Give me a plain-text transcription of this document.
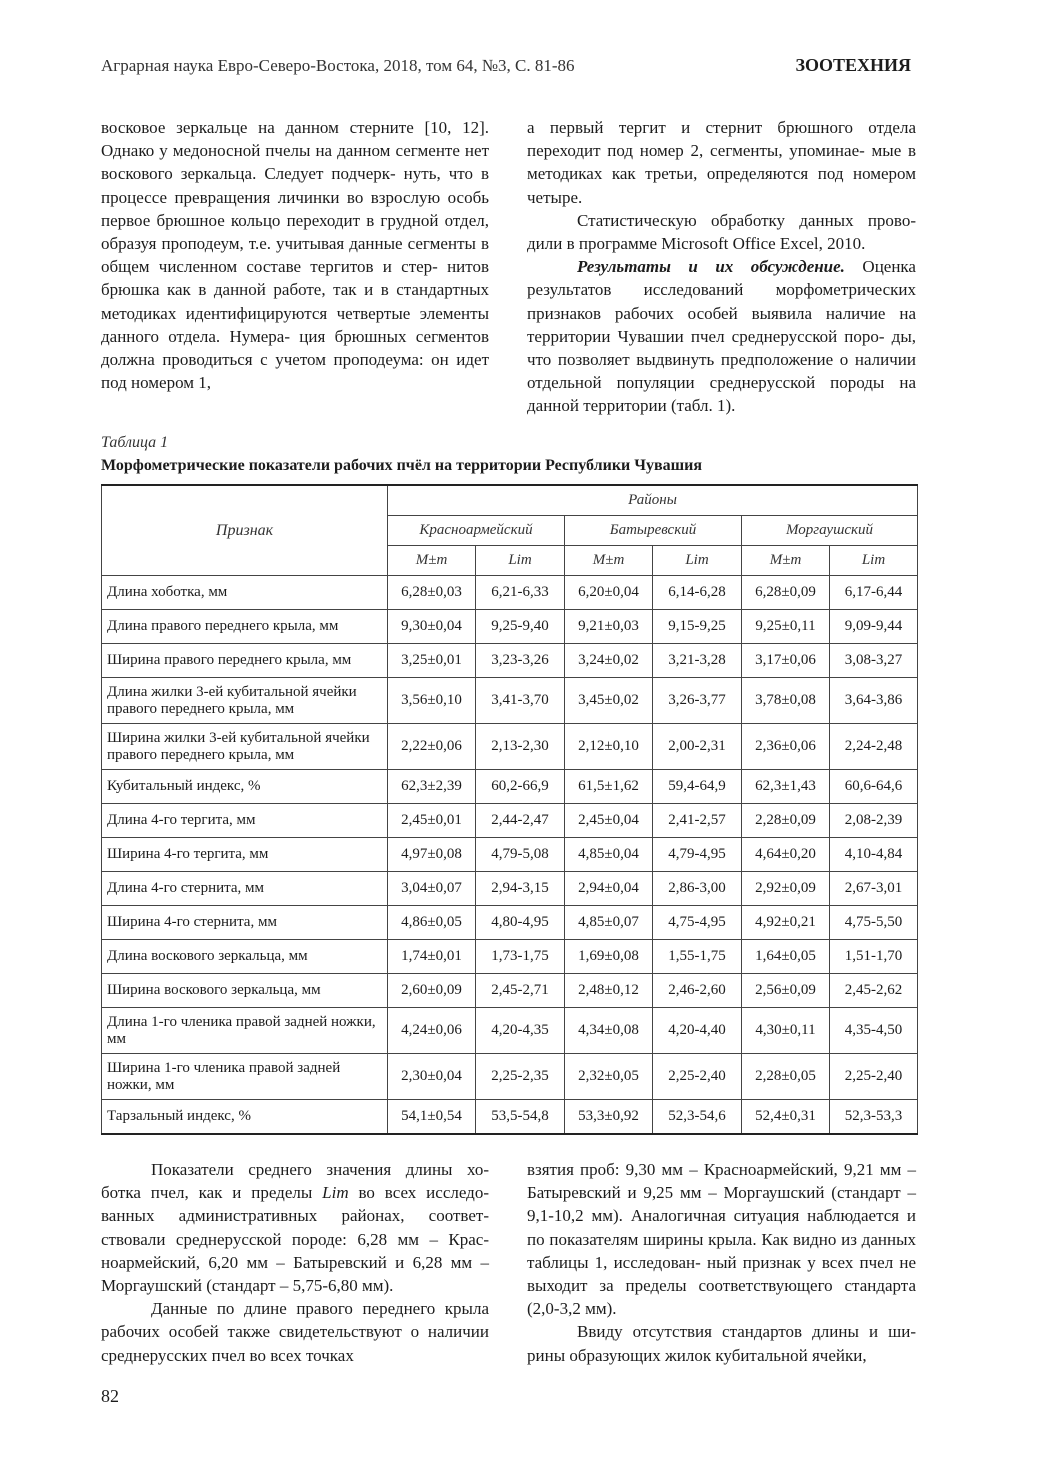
Аграрная наука Евро-Северо-Востока, 2018, том 64, №3, С. 81-86	ЗООТЕХНИЯ

восковое зеркальце на данном стерните [10, 12]. Однако у медоносной пчелы на данном сегменте нет воскового зеркальца. Следует подчерк- нуть, что в процессе превращения личинки во взрослую особь первое брюшное кольцо переходит в грудной отдел, образуя проподеум, т.е. учитывая данные сегменты в общем численном составе тергитов и стер- нитов брюшка как в данной работе, так и в стандартных методиках идентифицируются четвертые элементы данного отдела. Нумера- ция брюшных сегментов должна проводиться с учетом проподеума: он идет под номером 1,

а первый тергит и стернит брюшного отдела переходит под номер 2, сегменты, упоминае- мые в методиках как третьи, определяются под номером четыре.

Статистическую обработку данных прово- дили в программе Microsoft Office Excel, 2010.

Результаты и их обсуждение. Оценка результатов исследований морфометрических признаков рабочих особей выявила наличие на территории Чувашии пчел среднерусской поро- ды, что позволяет выдвинуть предположение о наличии отдельной популяции среднерусской породы на данной территории (табл. 1).

Таблица 1
Морфометрические показатели рабочих пчёл на территории Республики Чувашия
Признак	Районы					
	Красноармейский		Батыревский		Моргаушский	
	M±m	Lim	M±m	Lim	M±m	Lim
Длина хоботка, мм	6,28±0,03	6,21-6,33	6,20±0,04	6,14-6,28	6,28±0,09	6,17-6,44
Длина правого переднего крыла, мм	9,30±0,04	9,25-9,40	9,21±0,03	9,15-9,25	9,25±0,11	9,09-9,44
Ширина правого переднего крыла, мм	3,25±0,01	3,23-3,26	3,24±0,02	3,21-3,28	3,17±0,06	3,08-3,27
Длина жилки 3-ей кубитальной ячейки правого переднего крыла, мм	3,56±0,10	3,41-3,70	3,45±0,02	3,26-3,77	3,78±0,08	3,64-3,86
Ширина жилки 3-ей кубитальной ячейки правого переднего крыла, мм	2,22±0,06	2,13-2,30	2,12±0,10	2,00-2,31	2,36±0,06	2,24-2,48
Кубитальный индекс, %	62,3±2,39	60,2-66,9	61,5±1,62	59,4-64,9	62,3±1,43	60,6-64,6
Длина 4-го тергита, мм	2,45±0,01	2,44-2,47	2,45±0,04	2,41-2,57	2,28±0,09	2,08-2,39
Ширина 4-го тергита, мм	4,97±0,08	4,79-5,08	4,85±0,04	4,79-4,95	4,64±0,20	4,10-4,84
Длина 4-го стернита, мм	3,04±0,07	2,94-3,15	2,94±0,04	2,86-3,00	2,92±0,09	2,67-3,01
Ширина 4-го стернита, мм	4,86±0,05	4,80-4,95	4,85±0,07	4,75-4,95	4,92±0,21	4,75-5,50
Длина воскового зеркальца, мм	1,74±0,01	1,73-1,75	1,69±0,08	1,55-1,75	1,64±0,05	1,51-1,70
Ширина воскового зеркальца, мм	2,60±0,09	2,45-2,71	2,48±0,12	2,46-2,60	2,56±0,09	2,45-2,62
Длина 1-го членика правой задней ножки, мм	4,24±0,06	4,20-4,35	4,34±0,08	4,20-4,40	4,30±0,11	4,35-4,50
Ширина 1-го членика правой задней ножки, мм	2,30±0,04	2,25-2,35	2,32±0,05	2,25-2,40	2,28±0,05	2,25-2,40
Тарзальный индекс, %	54,1±0,54	53,5-54,8	53,3±0,92	52,3-54,6	52,4±0,31	52,3-53,3

Показатели среднего значения длины хо- ботка пчел, как и пределы Lim во всех исследо- ванных административных районах, соответ- ствовали среднерусской породе: 6,28 мм – Крас- ноармейский, 6,20 мм – Батыревский и 6,28 мм – Моргаушский (стандарт – 5,75-6,80 мм).

Данные по длине правого переднего крыла рабочих особей также свидетельствуют о наличии среднерусских пчел во всех точках

взятия проб: 9,30 мм – Красноармейский, 9,21 мм – Батыревский и 9,25 мм – Моргаушский (стандарт – 9,1-10,2 мм). Аналогичная ситуация наблюдается и по показателям ширины крыла. Как видно из данных таблицы 1, исследован- ный признак у всех пчел не выходит за пределы соответствующего стандарта (2,0-3,2 мм).

Ввиду отсутствия стандартов длины и ши- рины образующих жилок кубитальной ячейки,

82
